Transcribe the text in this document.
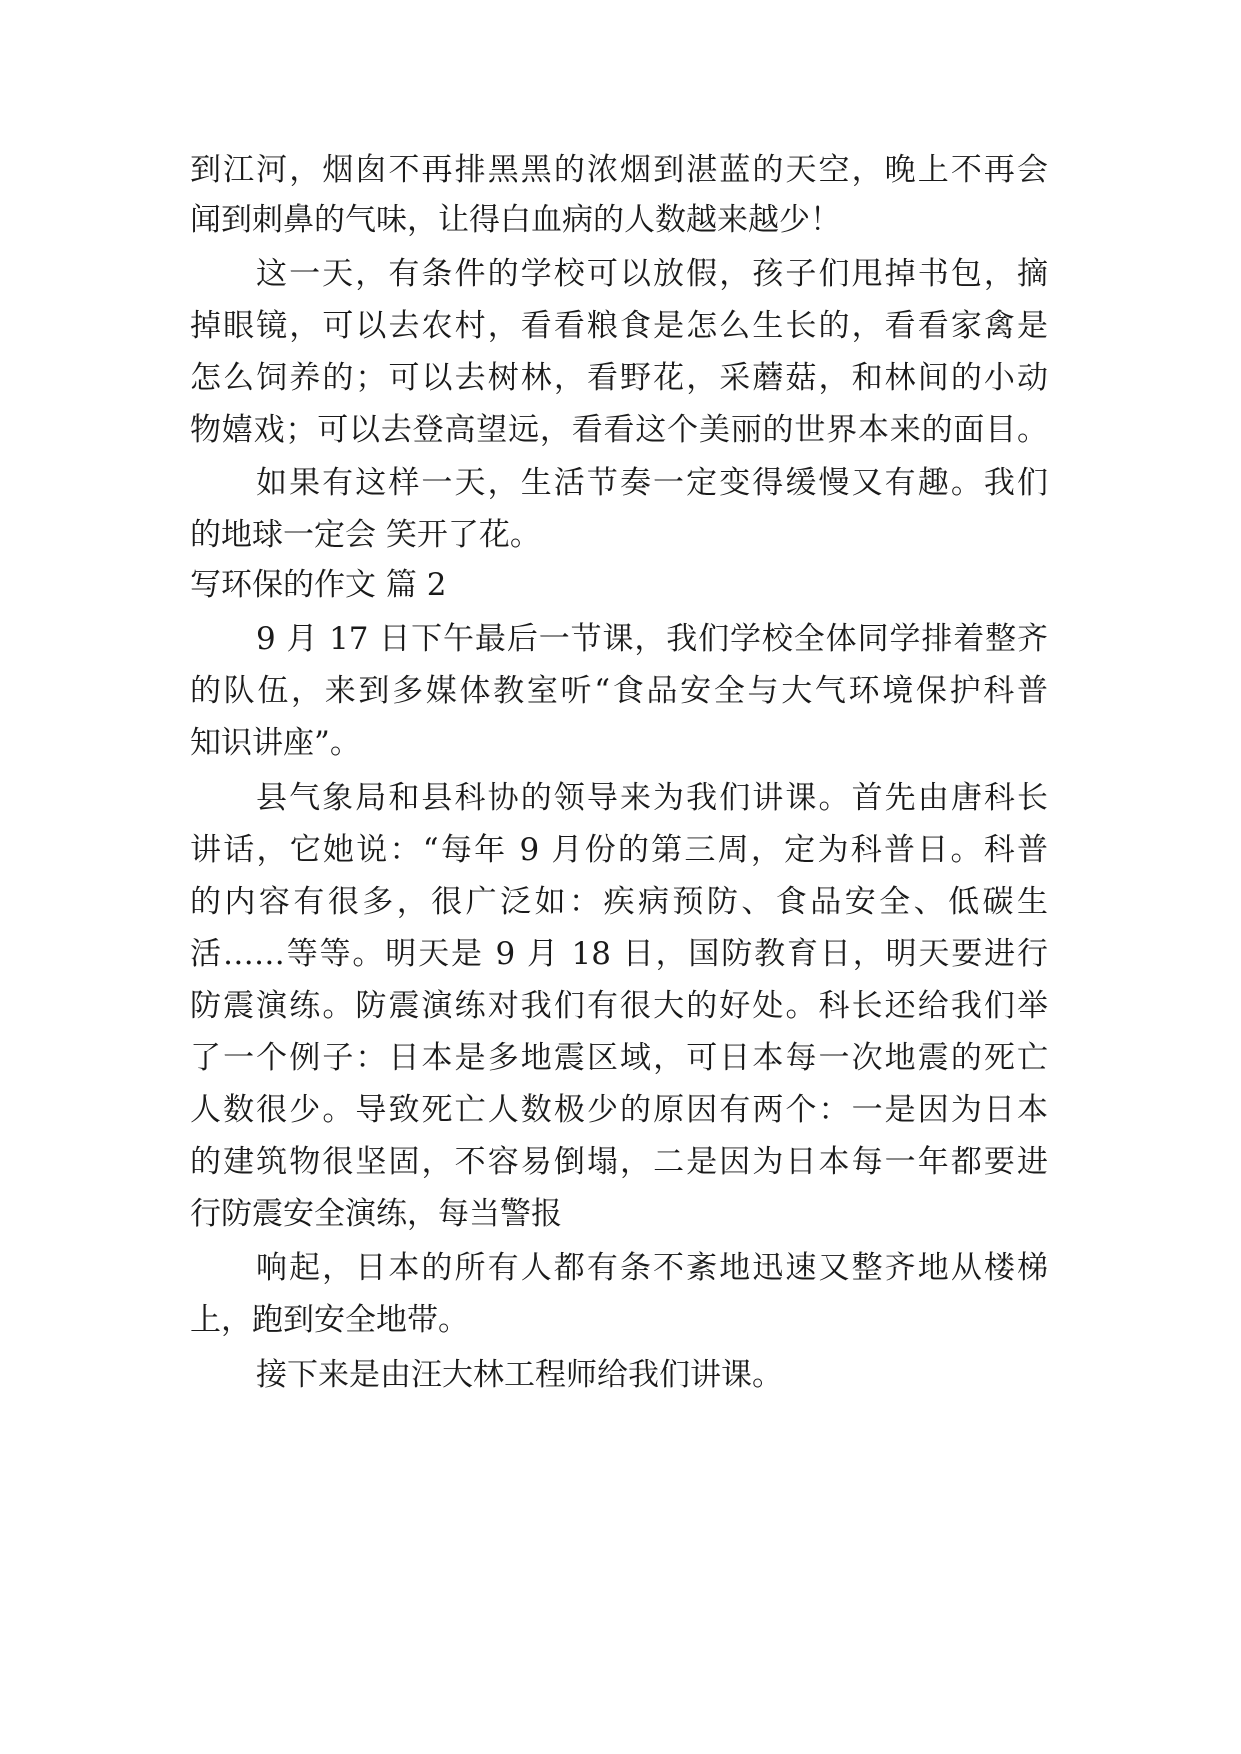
到江河，烟囱不再排黑黑的浓烟到湛蓝的天空，晚上不再会
闻到刺鼻的气味，让得白血病的人数越来越少！
这一天，有条件的学校可以放假，孩子们甩掉书包，摘
掉眼镜，可以去农村，看看粮食是怎么生长的，看看家禽是
怎么饲养的；可以去树林，看野花，采蘑菇，和林间的小动
物嬉戏；可以去登高望远，看看这个美丽的世界本来的面目。
如果有这样一天，生活节奏一定变得缓慢又有趣。我们
的地球一定会 笑开了花。
写环保的作文 篇 2
9 月 17 日下午最后一节课，我们学校全体同学排着整齐
的队伍，来到多媒体教室听“食品安全与大气环境保护科普
知识讲座”。
县气象局和县科协的领导来为我们讲课。首先由唐科长
讲话，它她说：“每年 9 月份的第三周，定为科普日。科普
的内容有很多，很广泛如：疾病预防、食品安全、低碳生
活……等等。明天是 9 月 18 日，国防教育日，明天要进行
防震演练。防震演练对我们有很大的好处。科长还给我们举
了一个例子：日本是多地震区域，可日本每一次地震的死亡
人数很少。导致死亡人数极少的原因有两个：一是因为日本
的建筑物很坚固，不容易倒塌，二是因为日本每一年都要进
行防震安全演练，每当警报
响起，日本的所有人都有条不紊地迅速又整齐地从楼梯
上，跑到安全地带。
接下来是由汪大林工程师给我们讲课。
